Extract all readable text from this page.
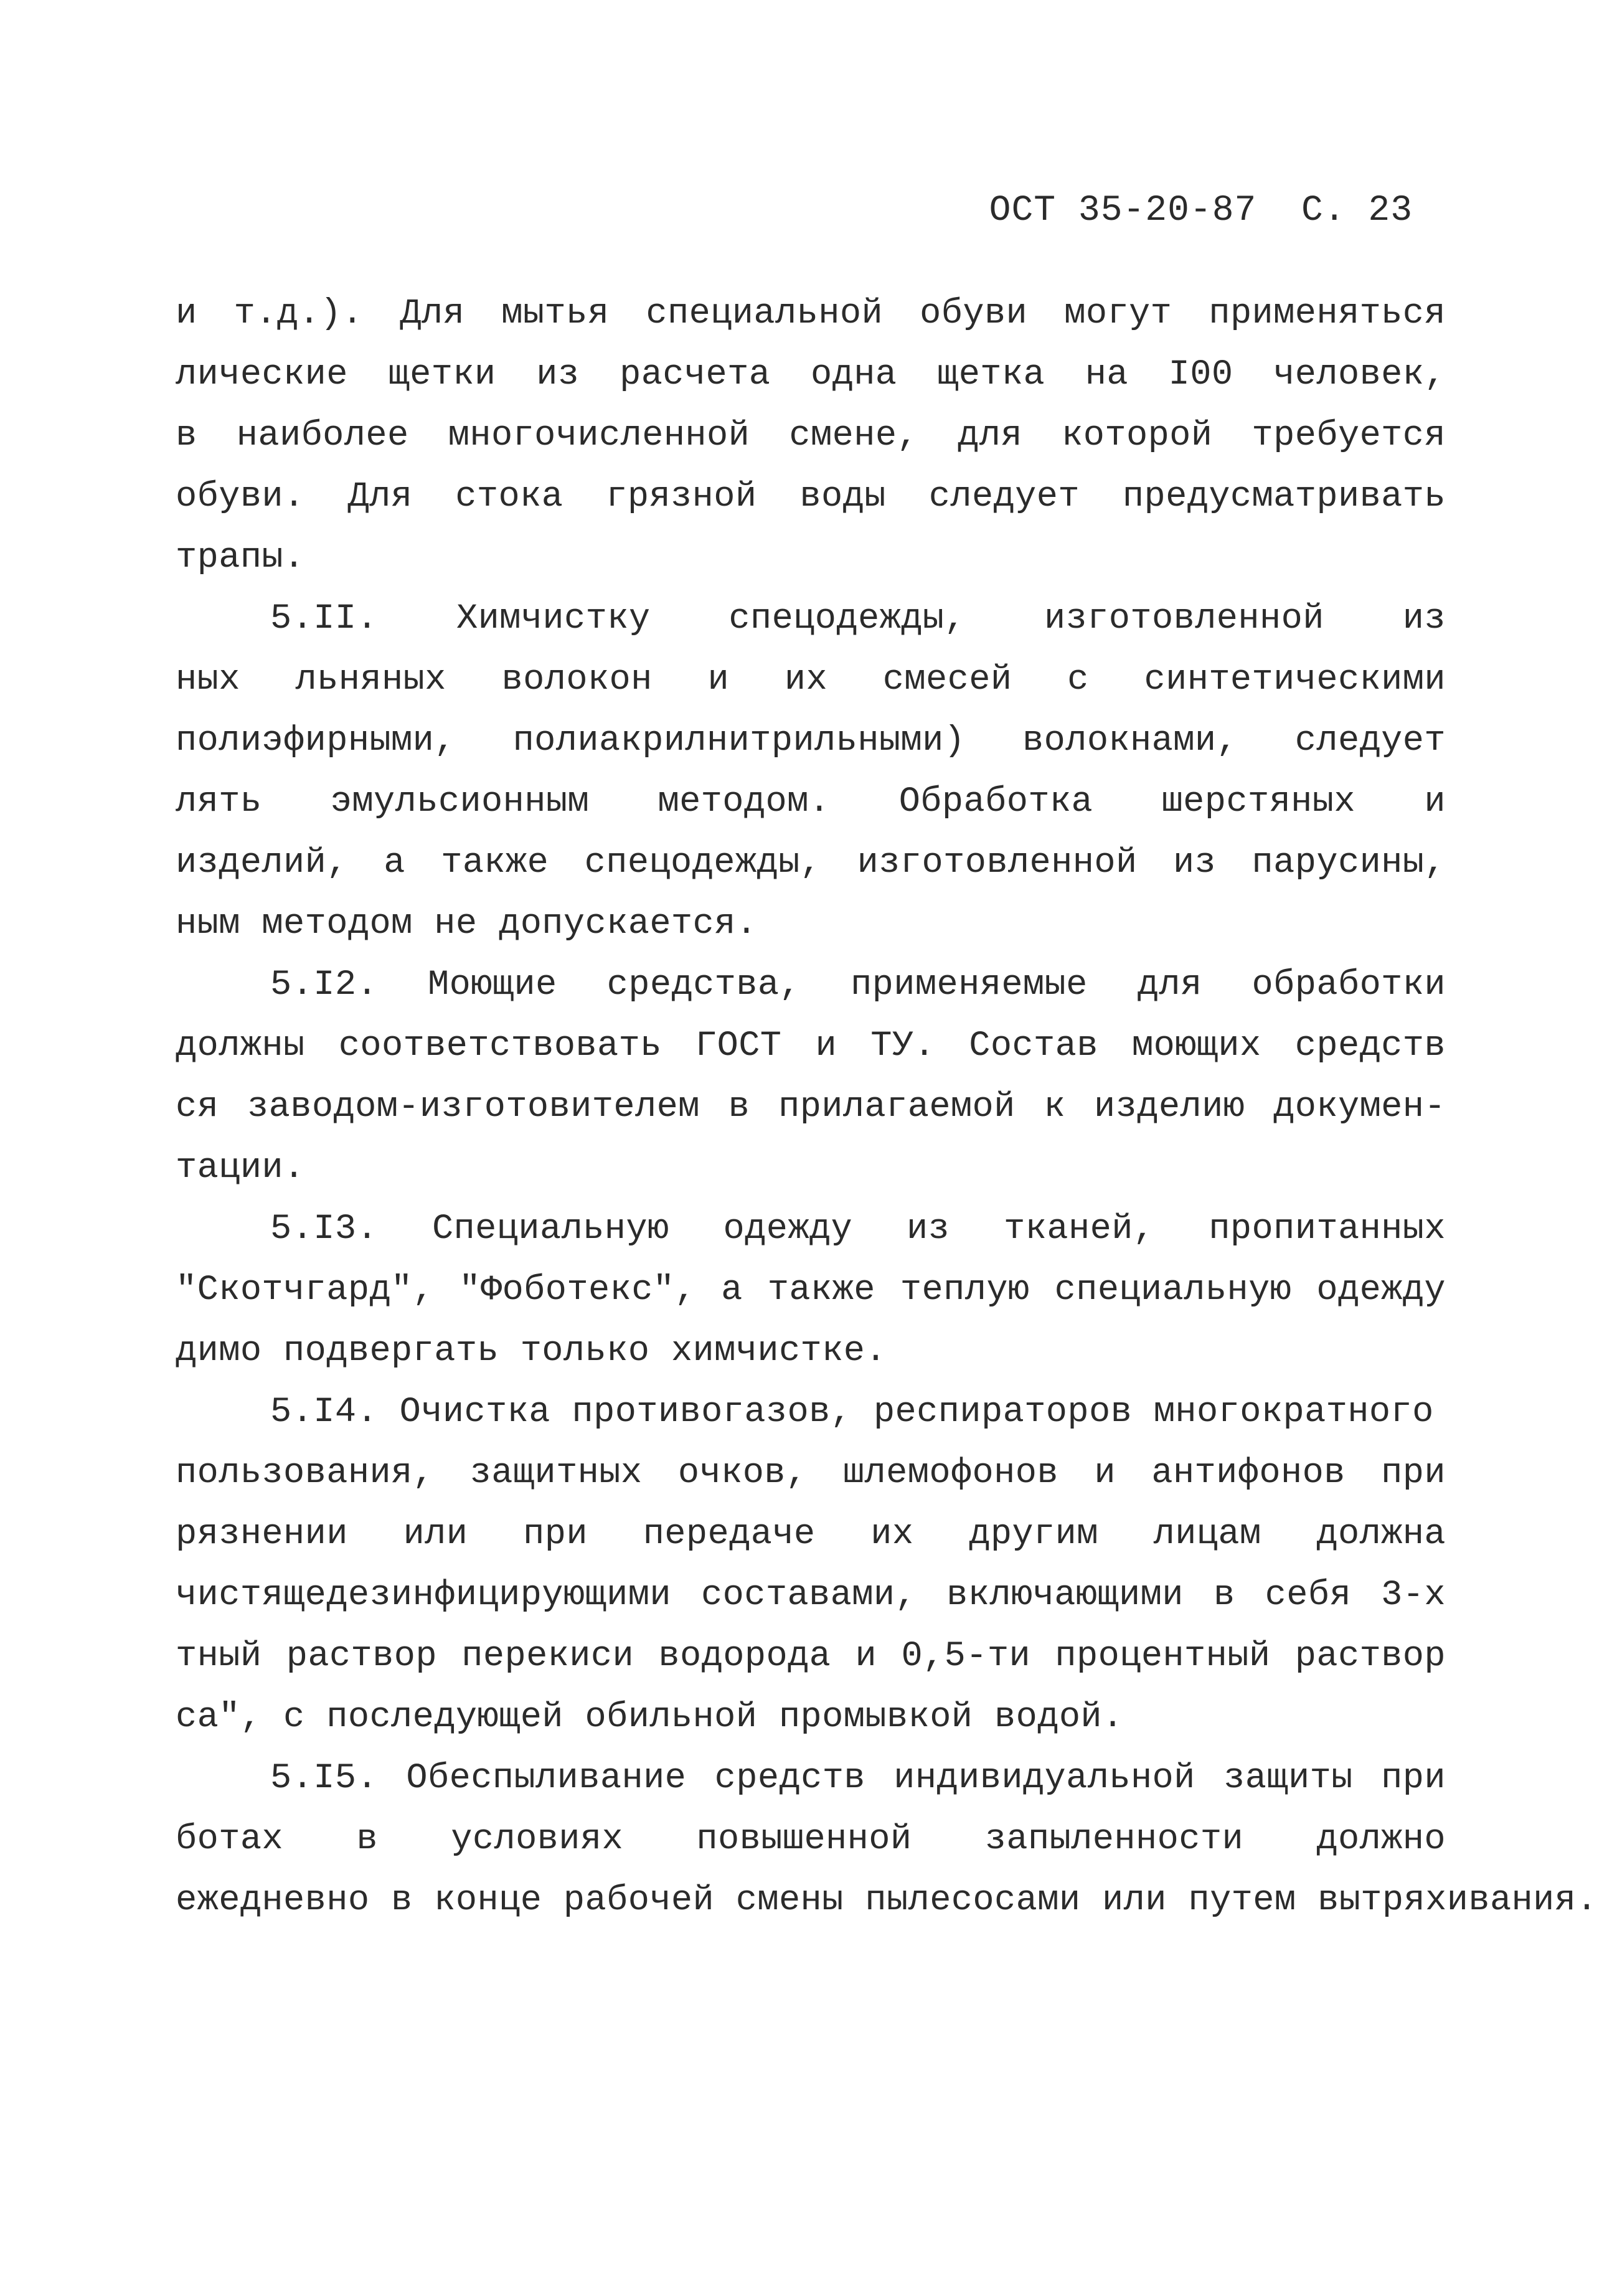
ОСТ 35-20-87 С. 23
и т.д.). Для мытья специальной обуви могут применяться
лические щетки из расчета одна щетка на I00 человек,
в наиболее многочисленной смене, для которой требуется
обуви. Для стока грязной воды следует предусматривать
трапы.
5.II. Химчистку спецодежды, изготовленной из
ных льняных волокон и их смесей с синтетическими
полиэфирными, полиакрилнитрильными) волокнами, следует
лять эмульсионным методом. Обработка шерстяных и
изделий, а также спецодежды, изготовленной из парусины,
ным методом не допускается.
5.I2. Моющие средства, применяемые для обработки
должны соответствовать ГОСТ и ТУ. Состав моющих средств
ся заводом-изготовителем в прилагаемой к изделию докумен-
тации.
5.I3. Специальную одежду из тканей, пропитанных
"Скотчгард", "Фоботекс", а также теплую специальную одежду
димо подвергать только химчистке.
5.I4. Очистка противогазов, респираторов многократного
пользования, защитных очков, шлемофонов и антифонов при
рязнении или при передаче их другим лицам должна
чистящедезинфицирующими составами, включающими в себя 3-х
тный раствор перекиси водорода и 0,5-ти процентный раствор
са", с последующей обильной промывкой водой.
5.I5. Обеспыливание средств индивидуальной защиты при
ботах в условиях повышенной запыленности должно
ежедневно в конце рабочей смены пылесосами или путем вытряхивания.
